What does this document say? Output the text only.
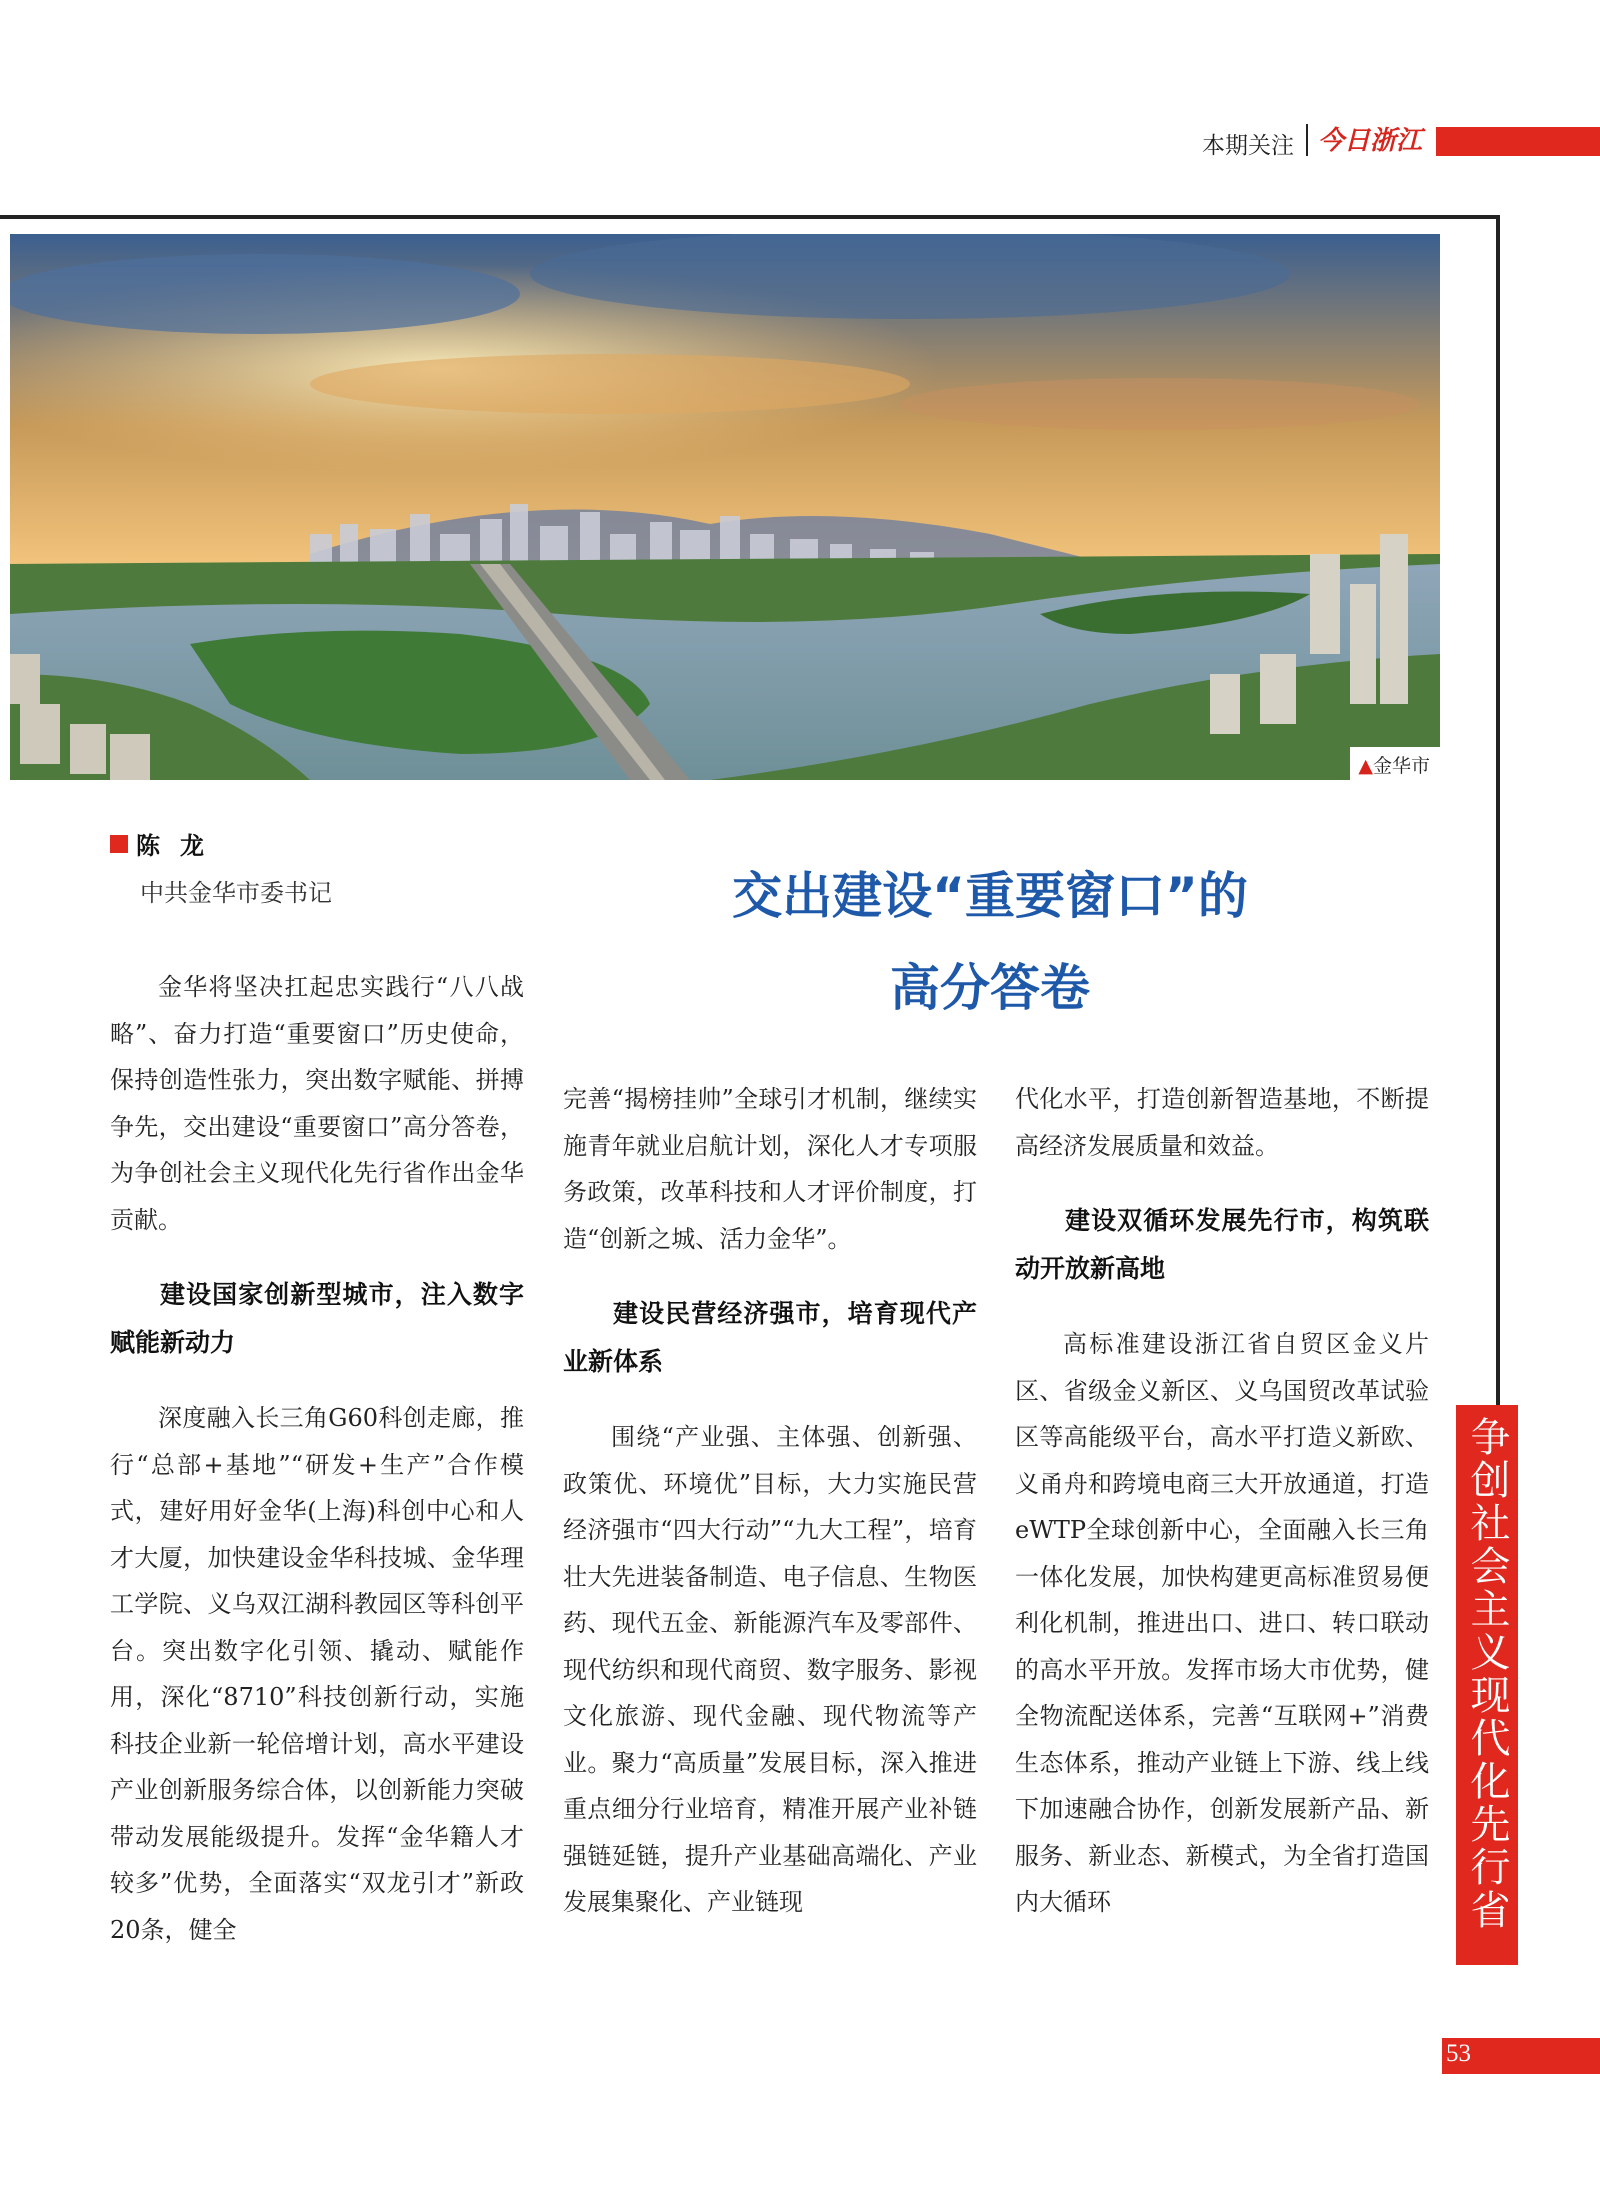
本期关注 今日浙江
▲金华市
陈龙
中共金华市委书记	交出建设“重要窗口”的
高分答卷

金华将坚决扛起忠实践行“八八战略”、奋力打造“重要窗口”历史使命，保持创造性张力，突出数字赋能、拼搏争先，交出建设“重要窗口”高分答卷，为争创社会主义现代化先行省作出金华贡献。

建设国家创新型城市，注入数字赋能新动力

深度融入长三角G60科创走廊，推行“总部+基地”“研发+生产”合作模式，建好用好金华(上海)科创中心和人才大厦，加快建设金华科技城、金华理工学院、义乌双江湖科教园区等科创平台。突出数字化引领、撬动、赋能作用，深化“8710”科技创新行动，实施科技企业新一轮倍增计划，高水平建设产业创新服务综合体，以创新能力突破带动发展能级提升。发挥“金华籍人才较多”优势，全面落实“双龙引才”新政20条，健全

完善“揭榜挂帅”全球引才机制，继续实施青年就业启航计划，深化人才专项服务政策，改革科技和人才评价制度，打造“创新之城、活力金华”。

建设民营经济强市，培育现代产业新体系

围绕“产业强、主体强、创新强、政策优、环境优”目标，大力实施民营经济强市“四大行动”“九大工程”，培育壮大先进装备制造、电子信息、生物医药、现代五金、新能源汽车及零部件、现代纺织和现代商贸、数字服务、影视文化旅游、现代金融、现代物流等产业。聚力“高质量”发展目标，深入推进重点细分行业培育，精准开展产业补链强链延链，提升产业基础高端化、产业发展集聚化、产业链现

代化水平，打造创新智造基地，不断提高经济发展质量和效益。

建设双循环发展先行市，构筑联动开放新高地

高标准建设浙江省自贸区金义片区、省级金义新区、义乌国贸改革试验区等高能级平台，高水平打造义新欧、义甬舟和跨境电商三大开放通道，打造eWTP全球创新中心，全面融入长三角一体化发展，加快构建更高标准贸易便利化机制，推进出口、进口、转口联动的高水平开放。发挥市场大市优势，健全物流配送体系，完善“互联网+”消费生态体系，推动产业链上下游、线上线下加速融合协作，创新发展新产品、新服务、新业态、新模式，为全省打造国内大循环	争创社会主义现代化先行省
53
